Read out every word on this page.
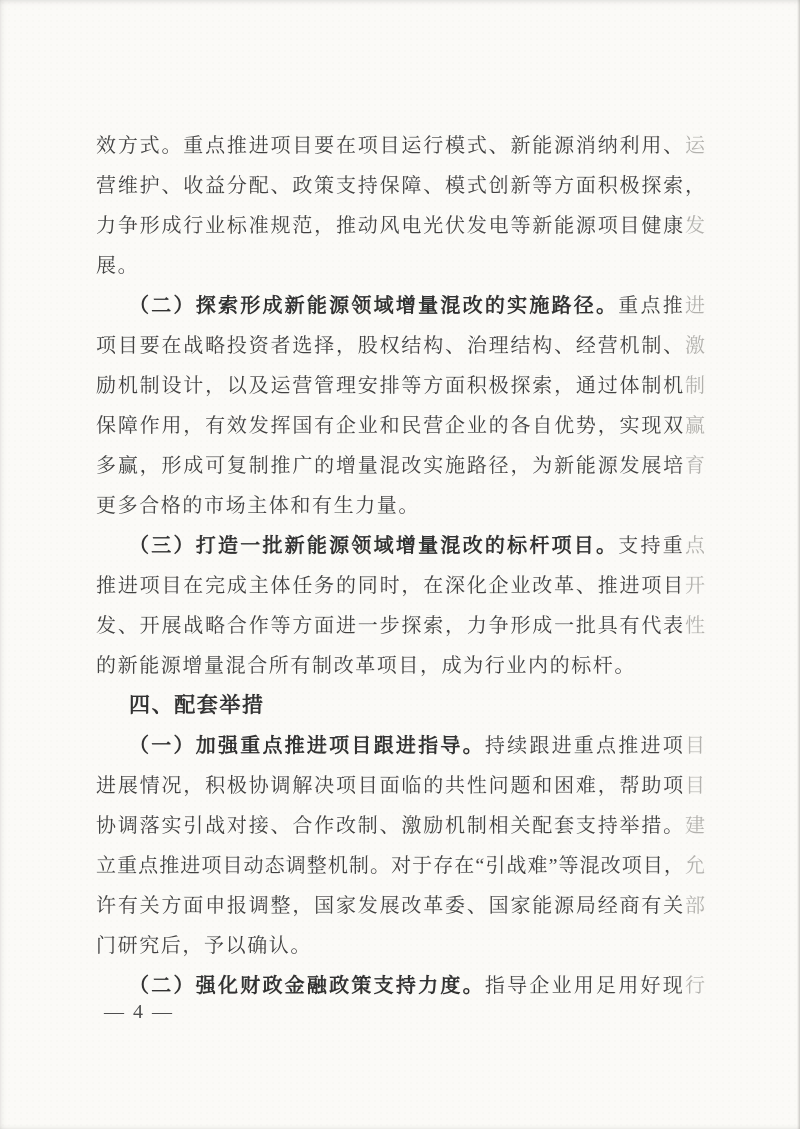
效方式。重点推进项目要在项目运行模式、新能源消纳利用、运
营维护、收益分配、政策支持保障、模式创新等方面积极探索，
力争形成行业标准规范，推动风电光伏发电等新能源项目健康发
展。
（二）探索形成新能源领域增量混改的实施路径。重点推进
项目要在战略投资者选择，股权结构、治理结构、经营机制、激
励机制设计，以及运营管理安排等方面积极探索，通过体制机制
保障作用，有效发挥国有企业和民营企业的各自优势，实现双赢
多赢，形成可复制推广的增量混改实施路径，为新能源发展培育
更多合格的市场主体和有生力量。
（三）打造一批新能源领域增量混改的标杆项目。支持重点
推进项目在完成主体任务的同时，在深化企业改革、推进项目开
发、开展战略合作等方面进一步探索，力争形成一批具有代表性
的新能源增量混合所有制改革项目，成为行业内的标杆。
四、配套举措
（一）加强重点推进项目跟进指导。持续跟进重点推进项目
进展情况，积极协调解决项目面临的共性问题和困难，帮助项目
协调落实引战对接、合作改制、激励机制相关配套支持举措。建
立重点推进项目动态调整机制。对于存在“引战难”等混改项目，允
许有关方面申报调整，国家发展改革委、国家能源局经商有关部
门研究后，予以确认。
（二）强化财政金融政策支持力度。指导企业用足用好现行
— 4 —
